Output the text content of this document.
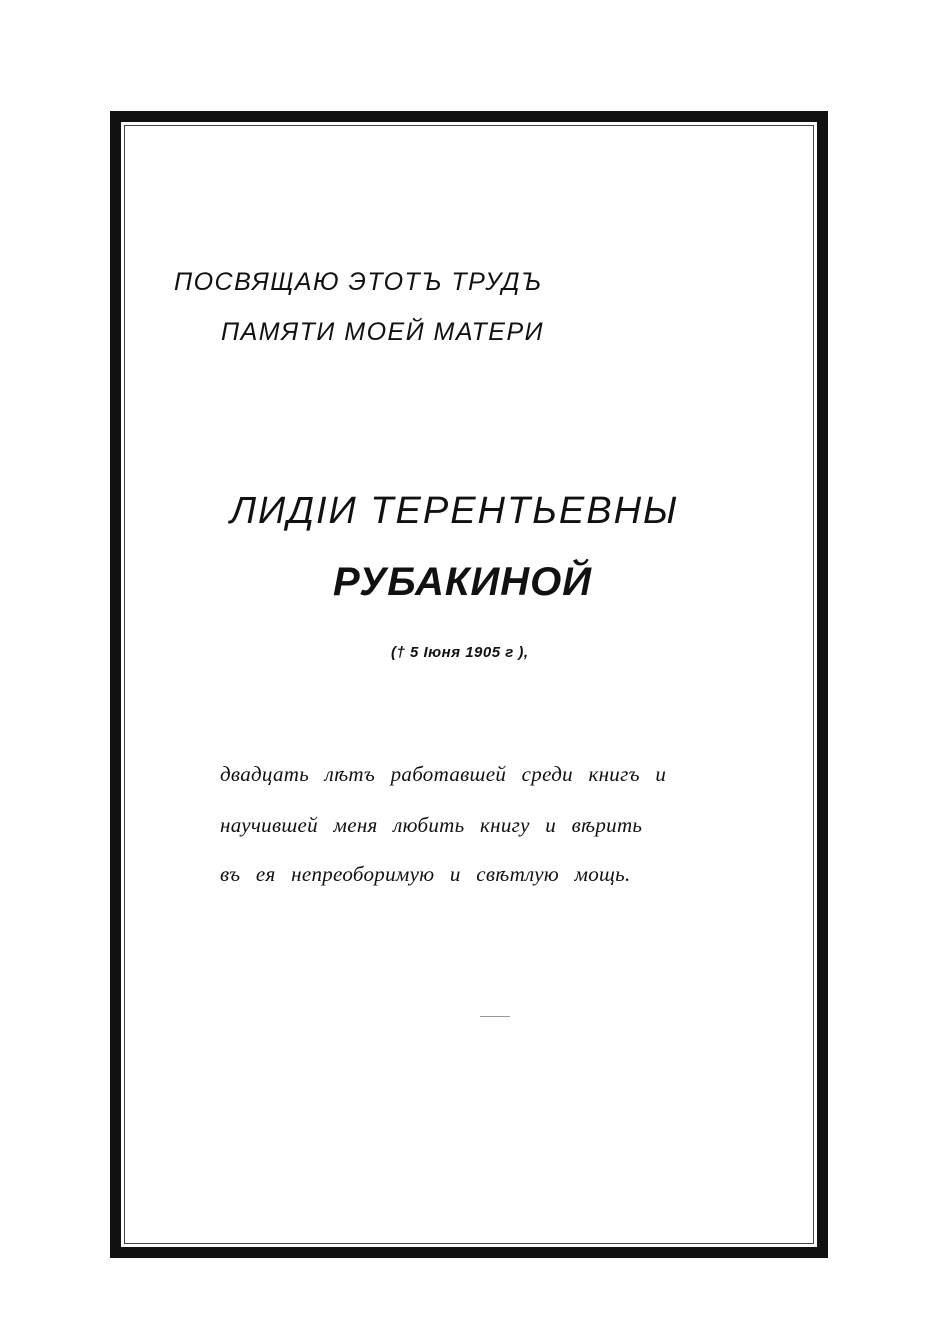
ПОСВЯЩАЮ ЭТОТЪ ТРУДЪ
ПАМЯТИ МОЕЙ МАТЕРИ
ЛИДIИ ТЕРЕНТЬЕВНЫ
РУБАКИНОЙ
(† 5 Iюня 1905 г ),
двадцать лѣтъ работавшей среди книгъ и
научившей меня любить книгу и вѣрить
въ ея непреоборимую и свѣтлую мощь.
